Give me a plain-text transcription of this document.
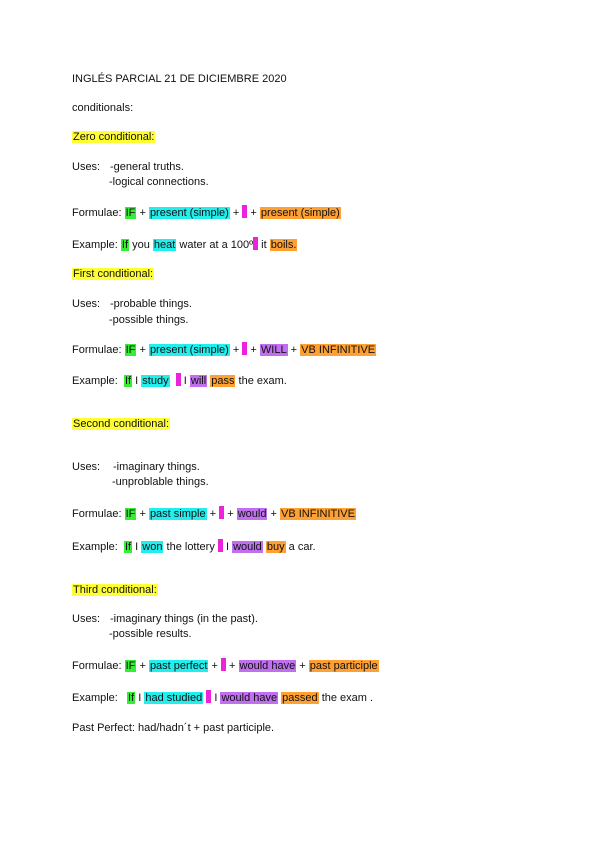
INGLÉS PARCIAL 21 DE DICIEMBRE 2020
conditionals:
Zero conditional:
Uses: -general truths.
-logical connections.
Formulae: IF + present (simple) + + present (simple)
Example: If you heat water at a 100º it boils.
First conditional:
Uses: -probable things.
-possible things.
Formulae: IF + present (simple) + + WILL + VB INFINITIVE
Example: If I study   I will pass the exam.
Second conditional:
Uses: -imaginary things.
-unproblable things.
Formulae: IF + past simple + + would + VB INFINITIVE
Example: If I won the lottery  I would buy a car.
Third conditional:
Uses: -imaginary things (in the past).
-possible results.
Formulae: IF + past perfect + + would have + past participle
Example: If I had studied  I would have passed the exam .
Past Perfect: had/hadn´t + past participle.
